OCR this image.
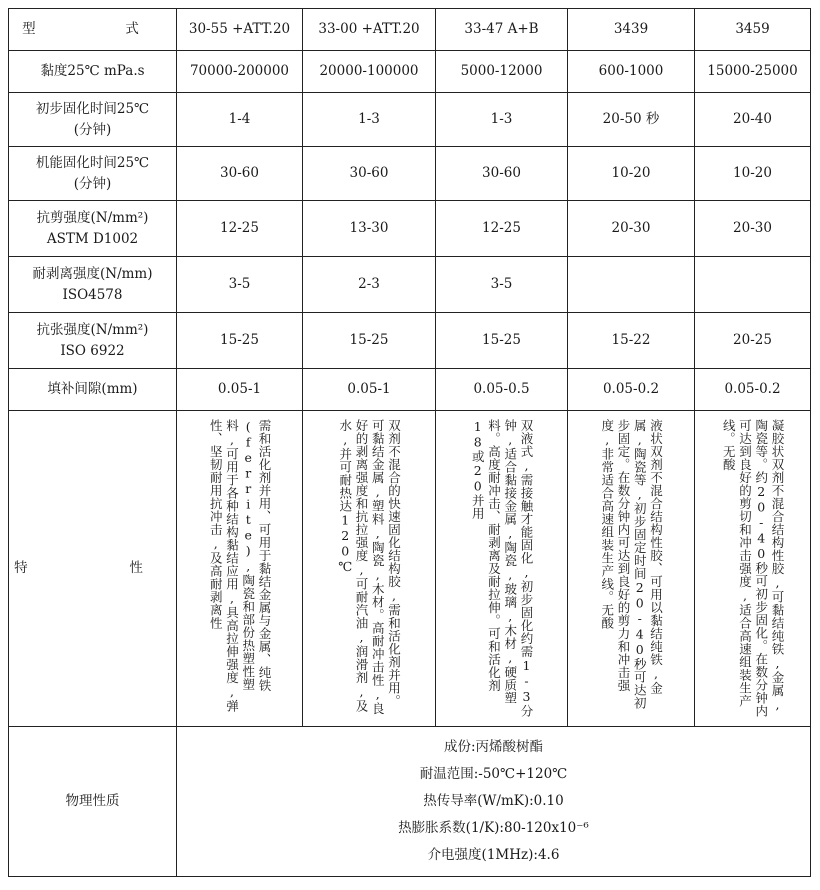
型　 式	30-55 +ATT.20	33-00 +ATT.20	33-47 A+B	3439	3459

黏度25℃ mPa.s	70000-200000	20000-100000	5000-12000	600-1000	15000-25000

初步固化时间25℃
(分钟)	1-4	1-3	1-3	20-50 秒	20-40

机能固化时间25℃
(分钟)	30-60	30-60	30-60	10-20	10-20

抗剪强度(N/mm²)
ASTM D1002	12-25	13-30	12-25	20-30	20-30

耐剥离强度(N/mm)
ISO4578	3-5	2-3	3-5		

抗张强度(N/mm²)
ISO 6922	15-25	15-25	15-25	15-22	20-25

填补间隙(mm)	0.05-1	0.05-1	0.05-0.5	0.05-0.2	0.05-0.2
特　 性	需和活化剂并用、可用于黏结金属与金属、纯铁(ferrite),陶瓷和部份热塑性塑料,可用于各种结构黏结应用,具高拉伸强度,弹性、坚韧耐用抗冲击,及高耐剥离性	双剂不混合的快速固化结构胶,需和活化剂并用。可黏结金属,塑料,陶瓷,木材。高耐冲击性,良好的剥离强度和抗拉强度,可耐汽油,润滑剂,及水,并可耐热达120℃	双液式,需接触才能固化,初步固化约需1-3分钟,适合黏接金属,陶瓷,玻璃,木材,硬质塑料。高度耐冲击、耐剥离及耐拉伸。可和活化剂18或20并用	液状双剂不混合结构性胶、可用以黏结纯铁,金属,陶瓷等,初步固定时间20-40秒可达初步固定。在数分钟内可达到良好的剪力和冲击强度,非常适合高速组装生产线。无酸	凝胶状双剂不混合结构性胶,可黏结纯铁,金属,陶瓷等。约20-40秒可初步固化。在数分钟内可达到良好的剪切和冲击强度,适合高速组装生产线。无酸

物理性质	成份:丙烯酸树酯
耐温范围:-50℃+120℃
热传导率(W/mK):0.10
热膨胀系数(1/K):80-120x10⁻⁶
介电强度(1MHz):4.6				
